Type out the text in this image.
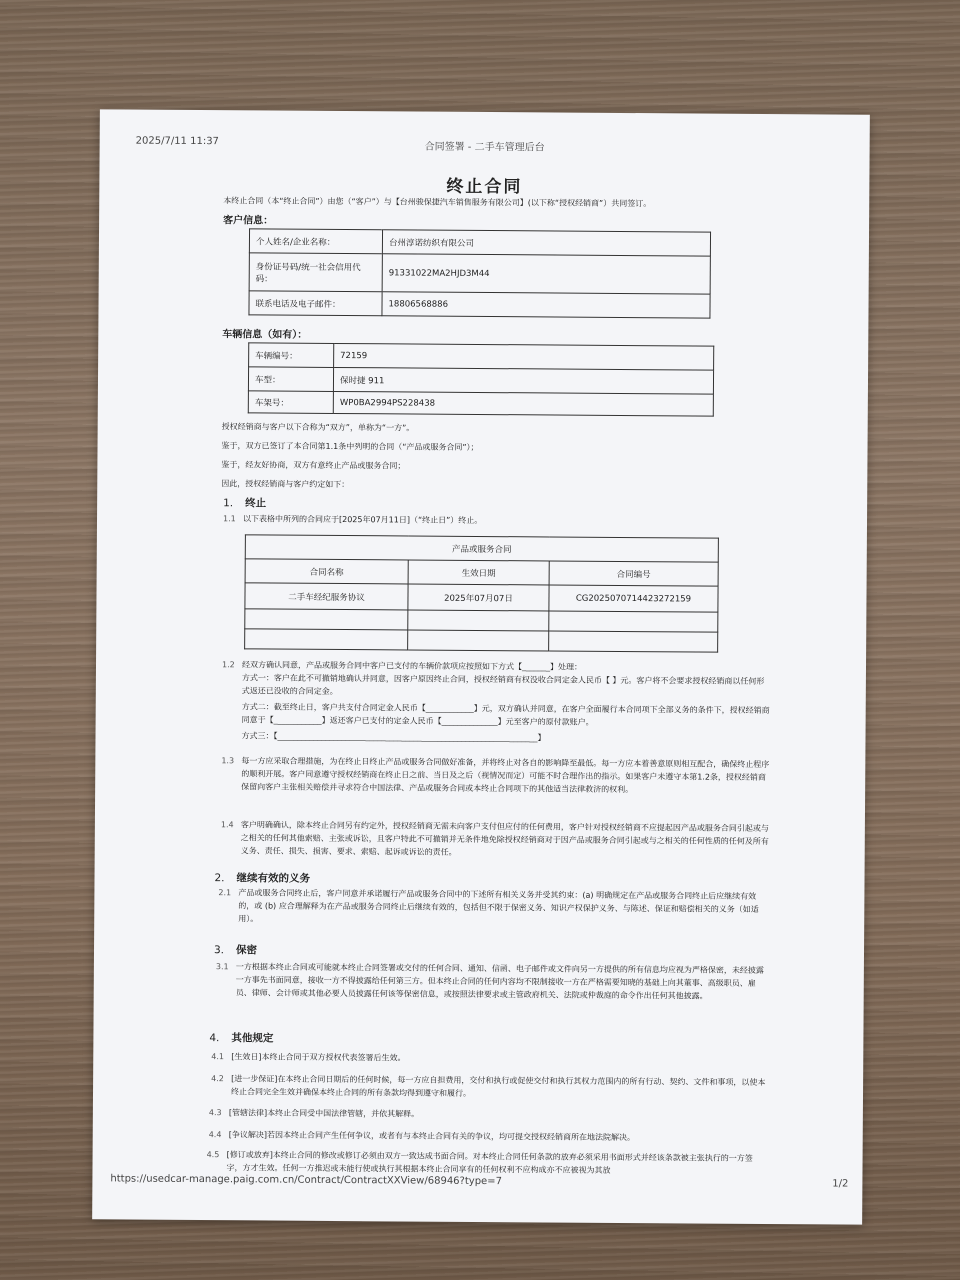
2025/7/11 11:37
合同签署 - 二手车管理后台
终止合同
本终止合同（本“终止合同”）由您（“客户”）与【台州骏保捷汽车销售服务有限公司】(以下称“授权经销商”）共同签订。
客户信息：
个人姓名/企业名称：	台州淳诺纺织有限公司
身份证号码/统一社会信用代码：	91331022MA2HJD3M44
联系电话及电子邮件：	18806568886
车辆信息（如有）：
车辆编号：	72159
车型：	保时捷 911
车架号：	WP0BA2994PS228438
授权经销商与客户以下合称为“双方”，单称为“一方”。
鉴于，双方已签订了本合同第1.1条中列明的合同（“产品或服务合同”）；
鉴于，经友好协商，双方有意终止产品或服务合同；
因此，授权经销商与客户约定如下：
1. 终止
1.1 以下表格中所列的合同应于[2025年07月11日]（“终止日”）终止。
产品或服务合同		
合同名称	生效日期	合同编号
二手车经纪服务协议	2025年07月07日	CG2025070714423272159

1.2 经双方确认同意，产品或服务合同中客户已支付的车辆价款项应按照如下方式【_______】处理：
方式一：客户在此不可撤销地确认并同意，因客户原因终止合同，授权经销商有权没收合同定金人民币【 】元。客户将不会要求授权经销商以任何形式返还已没收的合同定金。
方式二：截至终止日，客户共支付合同定金人民币【____________】元，双方确认并同意，在客户全面履行本合同项下全部义务的条件下，授权经销商同意于【____________】返还客户已支付的定金人民币【______________】元至客户的原付款账户。
方式三：【_________________________________________________________________】
1.3 每一方应采取合理措施，为在终止日终止产品或服务合同做好准备，并将终止对各自的影响降至最低。每一方应本着善意原则相互配合，确保终止程序的顺利开展。客户同意遵守授权经销商在终止日之前、当日及之后（视情况而定）可能不时合理作出的指示。如果客户未遵守本第1.2条，授权经销商保留向客户主张相关赔偿并寻求符合中国法律、产品或服务合同或本终止合同项下的其他适当法律救济的权利。
1.4 客户明确确认，除本终止合同另有约定外，授权经销商无需未向客户支付但应付的任何费用，客户针对授权经销商不应提起因产品或服务合同引起或与之相关的任何其他索赔、主张或诉讼，且客户特此不可撤销并无条件地免除授权经销商对于因产品或服务合同引起或与之相关的任何性质的任何及所有义务、责任、损失、损害、要求、索赔、起诉或诉讼的责任。
2. 继续有效的义务
2.1 产品或服务合同终止后，客户同意并承诺履行产品或服务合同中的下述所有相关义务并受其约束：(a) 明确规定在产品或服务合同终止后应继续有效的，或 (b) 应合理解释为在产品或服务合同终止后继续有效的，包括但不限于保密义务、知识产权保护义务、与陈述、保证和赔偿相关的义务（如适用）。
3. 保密
3.1 一方根据本终止合同或可能就本终止合同签署或交付的任何合同、通知、信函、电子邮件或文件向另一方提供的所有信息均应视为严格保密，未经披露一方事先书面同意，接收一方不得披露给任何第三方。但本终止合同的任何内容均不限制接收一方在严格需要知晓的基础上向其董事、高级职员、雇员、律师、会计师或其他必要人员披露任何该等保密信息，或按照法律要求或主管政府机关、法院或仲裁庭的命令作出任何其他披露。
4. 其他规定
4.1 [生效日]本终止合同于双方授权代表签署后生效。
4.2 [进一步保证]在本终止合同日期后的任何时候，每一方应自担费用，交付和执行或促使交付和执行其权力范围内的所有行动、契约、文件和事项，以使本终止合同完全生效并确保本终止合同的所有条款均得到遵守和履行。
4.3 [管辖法律]本终止合同受中国法律管辖，并依其解释。
4.4 [争议解决]若因本终止合同产生任何争议，或者有与本终止合同有关的争议，均可提交授权经销商所在地法院解决。
4.5 [修订或放弃]本终止合同的修改或修订必须由双方一致达成书面合同。对本终止合同任何条款的放弃必须采用书面形式并经该条款被主张执行的一方签字，方才生效。任何一方推迟或未能行使或执行其根据本终止合同享有的任何权利不应构成亦不应被视为其放
https://usedcar-manage.paig.com.cn/Contract/ContractXXView/68946?type=7	1/2
